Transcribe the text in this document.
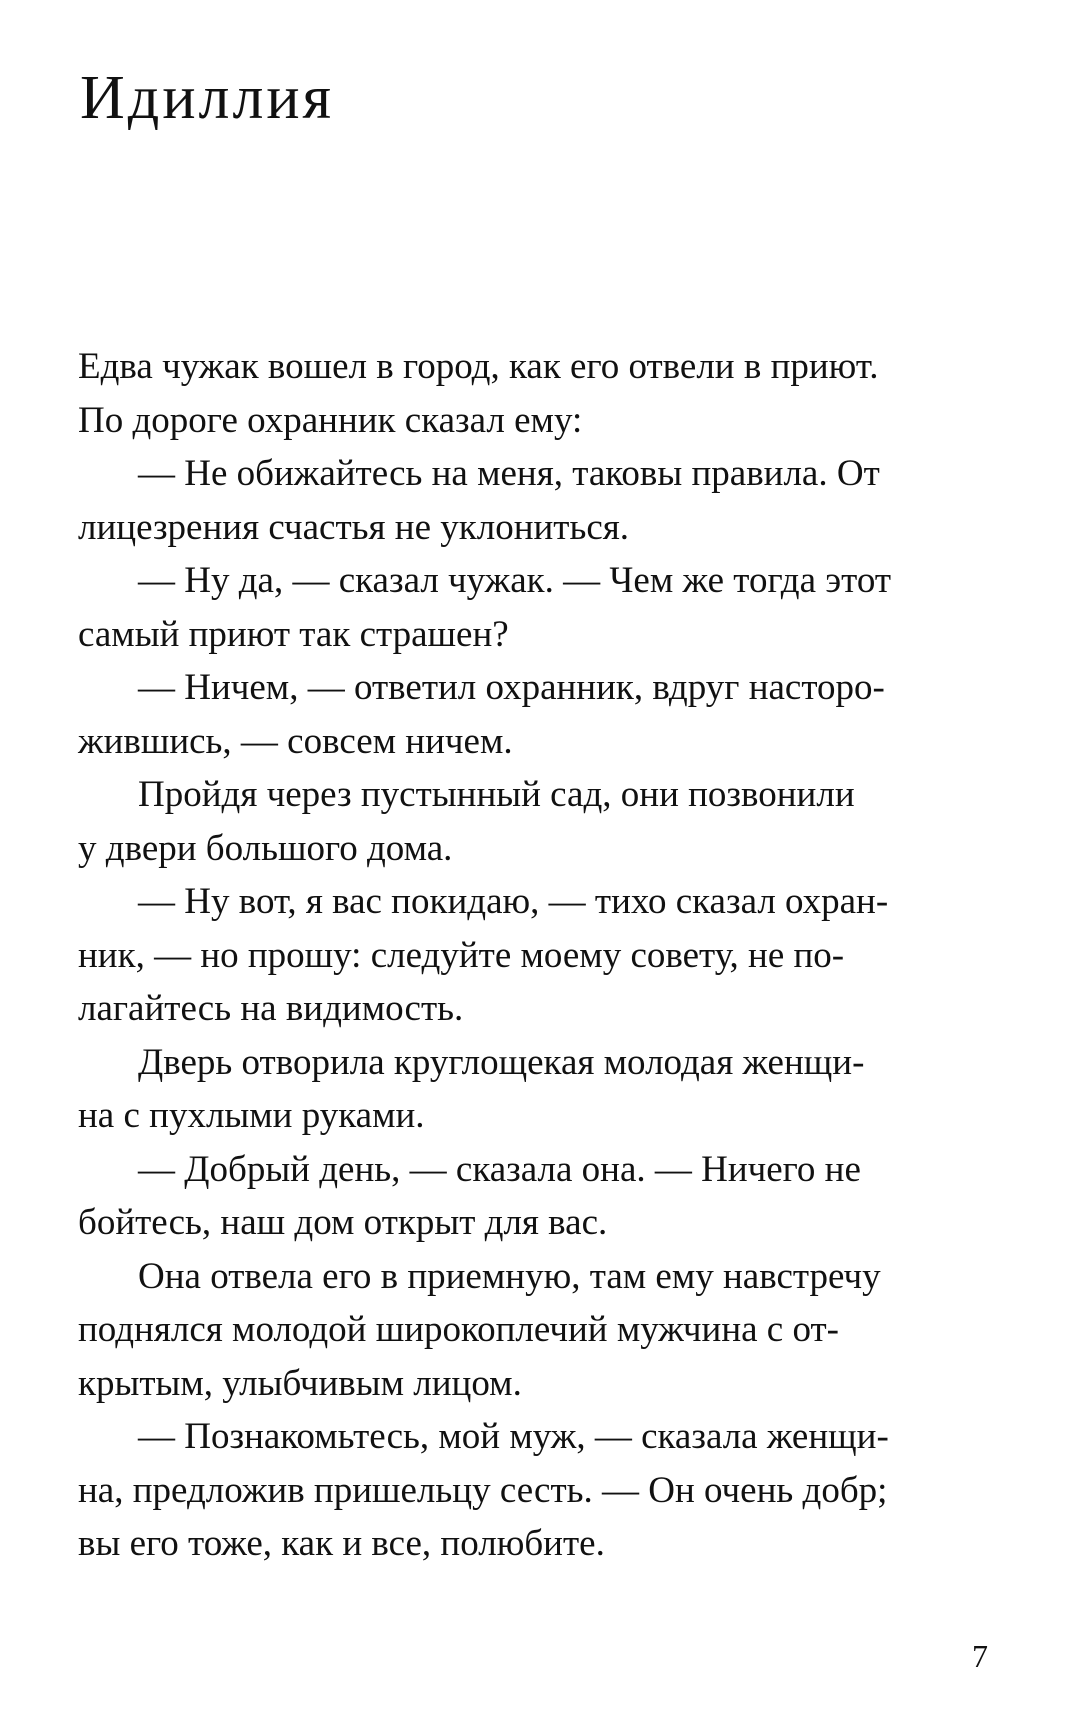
Идиллия
Едва чужак вошел в город, как его отвели в приют.
По дороге охранник сказал ему:
— Не обижайтесь на меня, таковы правила. От
лицезрения счастья не уклониться.
— Ну да, — сказал чужак. — Чем же тогда этот
самый приют так страшен?
— Ничем, — ответил охранник, вдруг насторо-
жившись, — совсем ничем.
Пройдя через пустынный сад, они позвонили
у двери большого дома.
— Ну вот, я вас покидаю, — тихо сказал охран-
ник, — но прошу: следуйте моему совету, не по-
лагайтесь на видимость.
Дверь отворила круглощекая молодая женщи-
на с пухлыми руками.
— Добрый день, — сказала она. — Ничего не
бойтесь, наш дом открыт для вас.
Она отвела его в приемную, там ему навстречу
поднялся молодой широкоплечий мужчина с от-
крытым, улыбчивым лицом.
— Познакомьтесь, мой муж, — сказала женщи-
на, предложив пришельцу сесть. — Он очень добр;
вы его тоже, как и все, полюбите.
7
